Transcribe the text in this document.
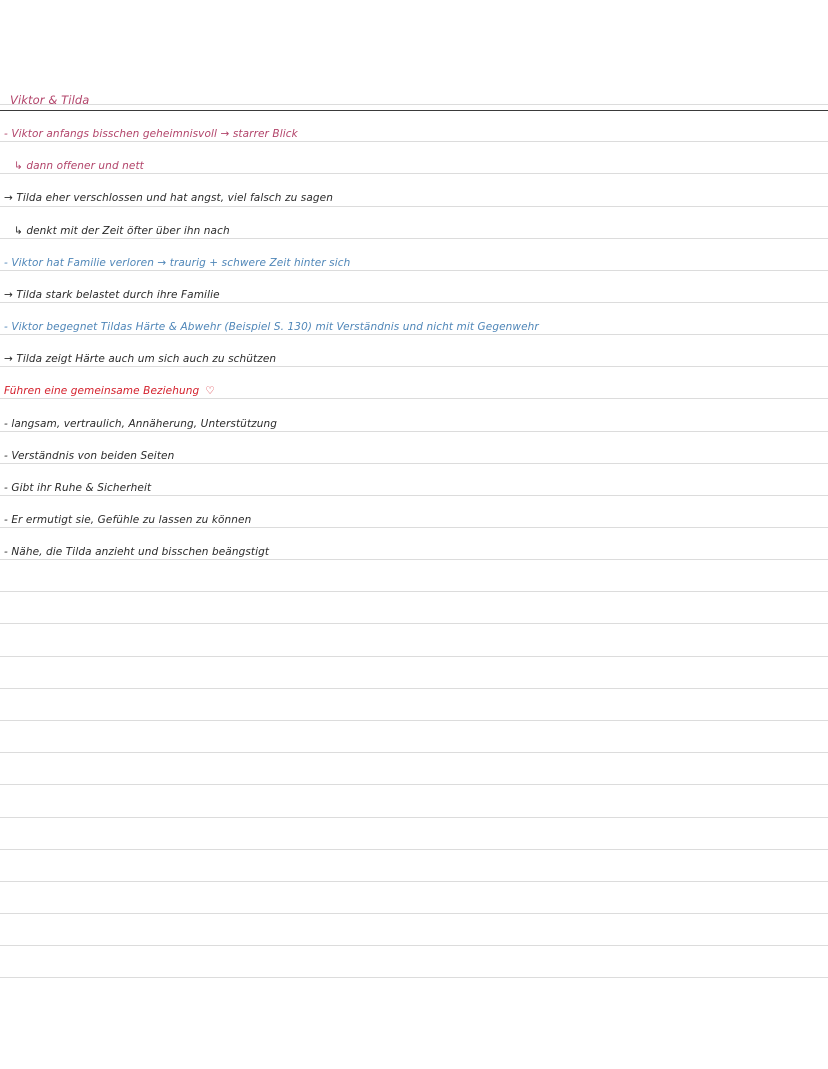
Viktor & Tilda
- Viktor anfangs bisschen geheimnisvoll → starrer Blick
↳ dann offener und nett
→ Tilda eher verschlossen und hat angst, viel falsch zu sagen
↳ denkt mit der Zeit öfter über ihn nach
- Viktor hat Familie verloren → traurig + schwere Zeit hinter sich
→ Tilda stark belastet durch ihre Familie
- Viktor begegnet Tildas Härte & Abwehr (Beispiel S. 130) mit Verständnis und nicht mit Gegenwehr
→ Tilda zeigt Härte auch um sich auch zu schützen
Führen eine gemeinsame Beziehung ♡
- langsam, vertraulich, Annäherung, Unterstützung
- Verständnis von beiden Seiten
- Gibt ihr Ruhe & Sicherheit
- Er ermutigt sie, Gefühle zu lassen zu können
- Nähe, die Tilda anzieht und bisschen beängstigt
